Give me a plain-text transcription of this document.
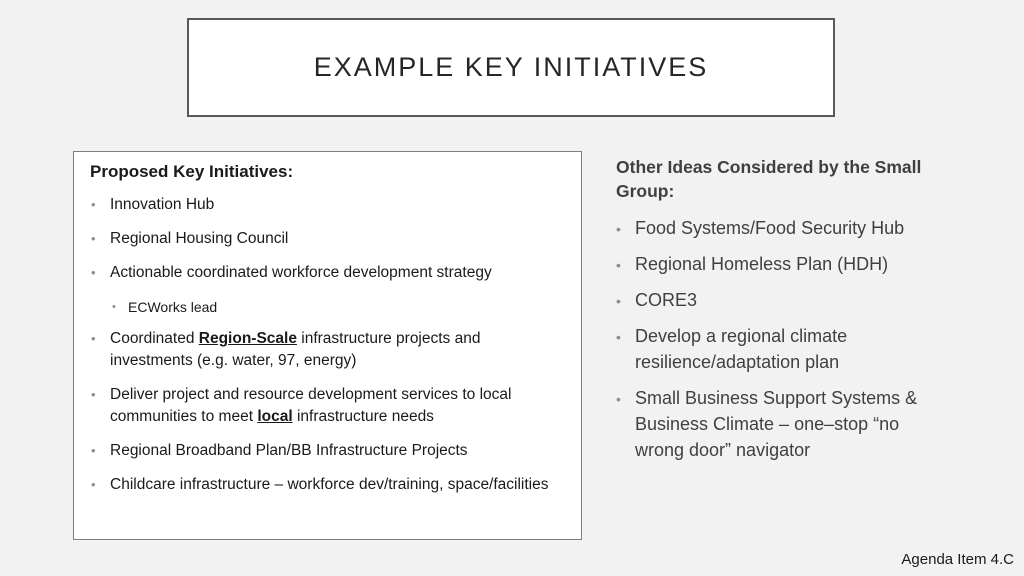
EXAMPLE KEY INITIATIVES
Proposed Key Initiatives:
• Innovation Hub
• Regional Housing Council
• Actionable coordinated workforce development strategy
• ECWorks lead
• Coordinated Region-Scale infrastructure projects and investments (e.g. water, 97, energy)
• Deliver project and resource development services to local communities to meet local infrastructure needs
• Regional Broadband Plan/BB Infrastructure Projects
• Childcare infrastructure – workforce dev/training, space/facilities
Other Ideas Considered by the Small Group:
• Food Systems/Food Security Hub
• Regional Homeless Plan (HDH)
• CORE3
• Develop a regional climate resilience/adaptation plan
• Small Business Support Systems & Business Climate – one–stop “no wrong door” navigator
Agenda Item 4.C
